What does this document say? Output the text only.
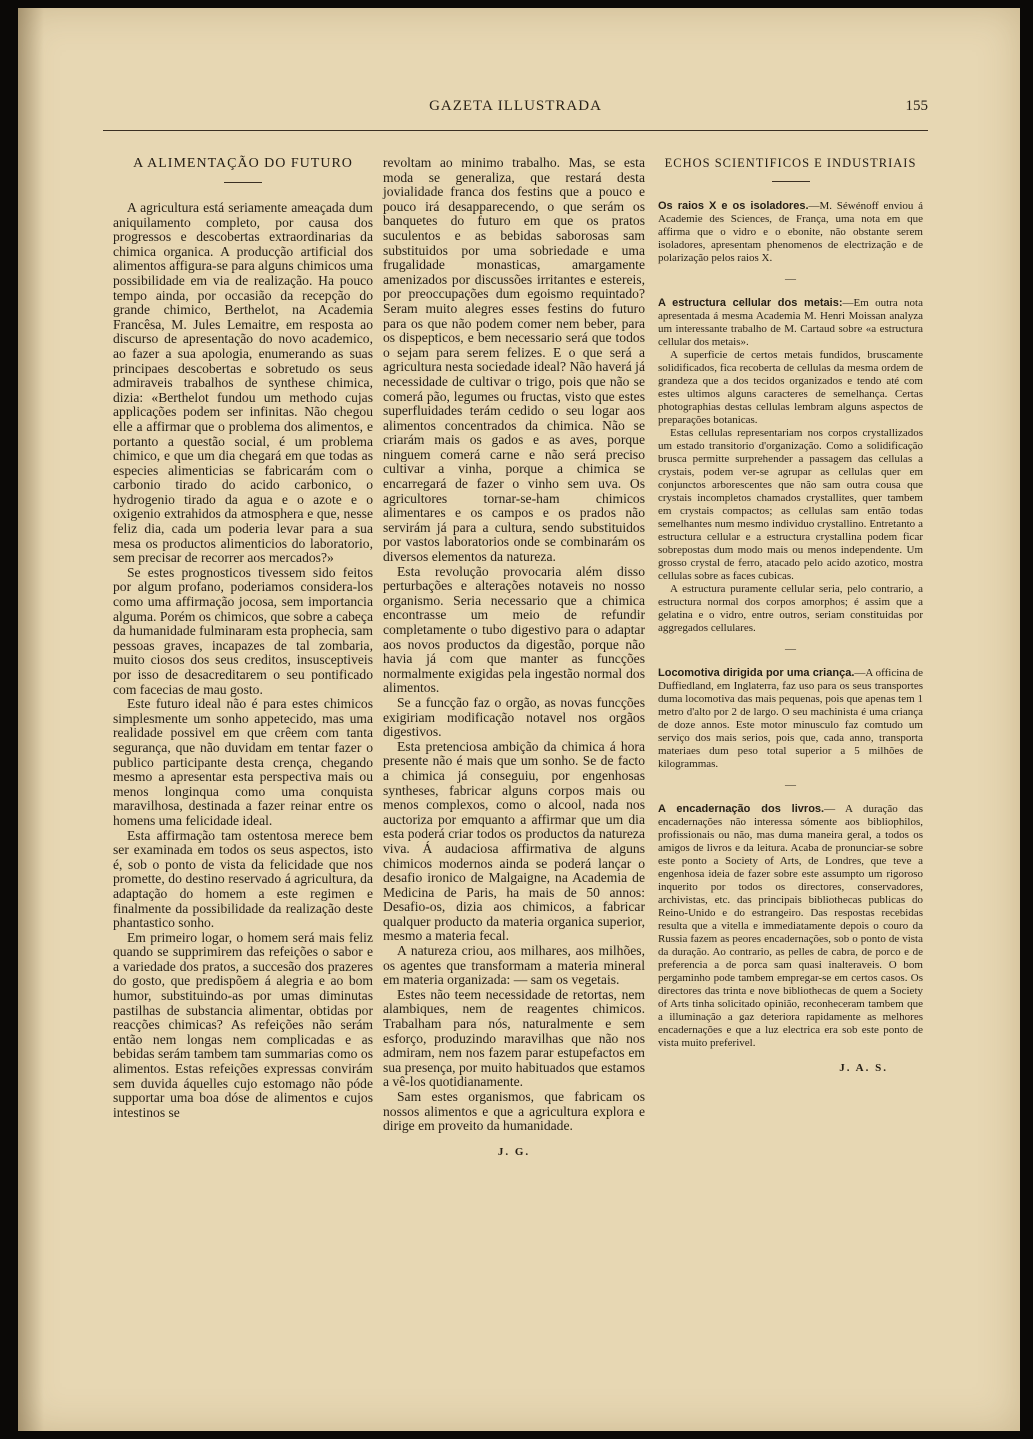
GAZETA ILLUSTRADA	155
A ALIMENTAÇÃO DO FUTURO

A agricultura está seriamente ameaçada dum aniquilamento completo, por causa dos progressos e descobertas extraordinarias da chimica organica. A producção artificial dos alimentos affigura-se para alguns chimicos uma possibilidade em via de realização. Ha pouco tempo ainda, por occasião da recepção do grande chimico, Berthelot, na Academia Francêsa, M. Jules Lemaitre, em resposta ao discurso de apresentação do novo academico, ao fazer a sua apologia, enumerando as suas principaes descobertas e sobretudo os seus admiraveis trabalhos de synthese chimica, dizia: «Berthelot fundou um methodo cujas applicações podem ser infinitas. Não chegou elle a affirmar que o problema dos alimentos, e portanto a questão social, é um problema chimico, e que um dia chegará em que todas as especies alimenticias se fabricarám com o carbonio tirado do acido carbonico, o hydrogenio tirado da agua e o azote e o oxigenio extrahidos da atmosphera e que, nesse feliz dia, cada um poderia levar para a sua mesa os productos alimenticios do laboratorio, sem precisar de recorrer aos mercados?»

Se estes prognosticos tivessem sido feitos por algum profano, poderiamos considera-los como uma affirmação jocosa, sem importancia alguma. Porém os chimicos, que sobre a cabeça da humanidade fulminaram esta prophecia, sam pessoas graves, incapazes de tal zombaria, muito ciosos dos seus creditos, insusceptiveis por isso de desacreditarem o seu pontificado com facecias de mau gosto.

Este futuro ideal não é para estes chimicos simplesmente um sonho appetecido, mas uma realidade possivel em que crêem com tanta segurança, que não duvidam em tentar fazer o publico participante desta crença, chegando mesmo a apresentar esta perspectiva mais ou menos longinqua como uma conquista maravilhosa, destinada a fazer reinar entre os homens uma felicidade ideal.

Esta affirmação tam ostentosa merece bem ser examinada em todos os seus aspectos, isto é, sob o ponto de vista da felicidade que nos promette, do destino reservado á agricultura, da adaptação do homem a este regimen e finalmente da possibilidade da realização deste phantastico sonho.

Em primeiro logar, o homem será mais feliz quando se supprimirem das refeições o sabor e a variedade dos pratos, a succesão dos prazeres do gosto, que predispõem á alegria e ao bom humor, substituindo-as por umas diminutas pastilhas de substancia alimentar, obtidas por reacções chimicas? As refeições não serám então nem longas nem complicadas e as bebidas serám tambem tam summarias como os alimentos. Estas refeições expressas convirám sem duvida áquelles cujo estomago não póde supportar uma boa dóse de alimentos e cujos intestinos se

revoltam ao minimo trabalho. Mas, se esta moda se generaliza, que restará desta jovialidade franca dos festins que a pouco e pouco irá desapparecendo, o que serám os banquetes do futuro em que os pratos suculentos e as bebidas saborosas sam substituidos por uma sobriedade e uma frugalidade monasticas, amargamente amenizados por discussões irritantes e estereis, por preoccupações dum egoismo requintado? Seram muito alegres esses festins do futuro para os que não podem comer nem beber, para os dispepticos, e bem necessario será que todos o sejam para serem felizes. E o que será a agricultura nesta sociedade ideal? Não haverá já necessidade de cultivar o trigo, pois que não se comerá pão, legumes ou fructas, visto que estes superfluidades terám cedido o seu logar aos alimentos concentrados da chimica. Não se criarám mais os gados e as aves, porque ninguem comerá carne e não será preciso cultivar a vinha, porque a chimica se encarregará de fazer o vinho sem uva. Os agricultores tornar-se-ham chimicos alimentares e os campos e os prados não servirám já para a cultura, sendo substituidos por vastos laboratorios onde se combinarám os diversos elementos da natureza.

Esta revolução provocaria além disso perturbações e alterações notaveis no nosso organismo. Seria necessario que a chimica encontrasse um meio de refundir completamente o tubo digestivo para o adaptar aos novos productos da digestão, porque não havia já com que manter as funcções normalmente exigidas pela ingestão normal dos alimentos.

Se a funcção faz o orgão, as novas funcções exigiriam modificação notavel nos orgãos digestivos.

Esta pretenciosa ambição da chimica á hora presente não é mais que um sonho. Se de facto a chimica já conseguiu, por engenhosas syntheses, fabricar alguns corpos mais ou menos complexos, como o alcool, nada nos auctoriza por emquanto a affirmar que um dia esta poderá criar todos os productos da natureza viva. Á audaciosa affirmativa de alguns chimicos modernos ainda se poderá lançar o desafio ironico de Malgaigne, na Academia de Medicina de Paris, ha mais de 50 annos: Desafio-os, dizia aos chimicos, a fabricar qualquer producto da materia organica superior, mesmo a materia fecal.

A natureza criou, aos milhares, aos milhões, os agentes que transformam a materia mineral em materia organizada: — sam os vegetais.

Estes não teem necessidade de retortas, nem alambiques, nem de reagentes chimicos. Trabalham para nós, naturalmente e sem esforço, produzindo maravilhas que não nos admiram, nem nos fazem parar estupefactos em sua presença, por muito habituados que estamos a vê-los quotidianamente.

Sam estes organismos, que fabricam os nossos alimentos e que a agricultura explora e dirige em proveito da humanidade.

J. G.
ECHOS SCIENTIFICOS E INDUSTRIAIS

Os raios X e os isoladores.—M. Séwénoff enviou á Academie des Sciences, de França, uma nota em que affirma que o vidro e o ebonite, não obstante serem isoladores, apresentam phenomenos de electrização e de polarização pelos raios X.

—

A estructura cellular dos metais:—Em outra nota apresentada á mesma Academia M. Henri Moissan analyza um interessante trabalho de M. Cartaud sobre «a estructura cellular dos metais».

A superficie de certos metais fundidos, bruscamente solidificados, fica recoberta de cellulas da mesma ordem de grandeza que a dos tecidos organizados e tendo até com estes ultimos alguns caracteres de semelhança. Certas photographias destas cellulas lembram alguns aspectos de preparações botanicas.

Estas cellulas representariam nos corpos crystallizados um estado transitorio d'organização. Como a solidificação brusca permitte surprehender a passagem das cellulas a crystais, podem ver-se agrupar as cellulas quer em conjunctos arborescentes que não sam outra cousa que crystais incompletos chamados crystallites, quer tambem em crystais compactos; as cellulas sam então todas semelhantes num mesmo individuo crystallino. Entretanto a estructura cellular e a estructura crystallina podem ficar sobrepostas dum modo mais ou menos independente. Um grosso crystal de ferro, atacado pelo acido azotico, mostra cellulas sobre as faces cubicas.

A estructura puramente cellular seria, pelo contrario, a estructura normal dos corpos amorphos; é assim que a gelatina e o vidro, entre outros, seriam constituidas por aggregados cellulares.

—

Locomotiva dirigida por uma criança.—A officina de Duffiedland, em Inglaterra, faz uso para os seus transportes duma locomotiva das mais pequenas, pois que apenas tem 1 metro d'alto por 2 de largo. O seu machinista é uma criança de doze annos. Este motor minusculo faz comtudo um serviço dos mais serios, pois que, cada anno, transporta materiaes dum peso total superior a 5 milhões de kilogrammas.

—

A encadernação dos livros.— A duração das encadernações não interessa sómente aos bibliophilos, profissionais ou não, mas duma maneira geral, a todos os amigos de livros e da leitura. Acaba de pronunciar-se sobre este ponto a Society of Arts, de Londres, que teve a engenhosa ideia de fazer sobre este assumpto um rigoroso inquerito por todos os directores, conservadores, archivistas, etc. das principais bibliothecas publicas do Reino-Unido e do estrangeiro. Das respostas recebidas resulta que a vitella e immediatamente depois o couro da Russia fazem as peores encadernações, sob o ponto de vista da duração. Ao contrario, as pelles de cabra, de porco e de preferencia a de porca sam quasi inalteraveis. O bom pergaminho pode tambem empregar-se em certos casos. Os directores das trinta e nove bibliothecas de quem a Society of Arts tinha solicitado opinião, reconheceram tambem que a illuminação a gaz deteriora rapidamente as melhores encadernações e que a luz electrica era sob este ponto de vista muito preferivel.

J. A. S.
